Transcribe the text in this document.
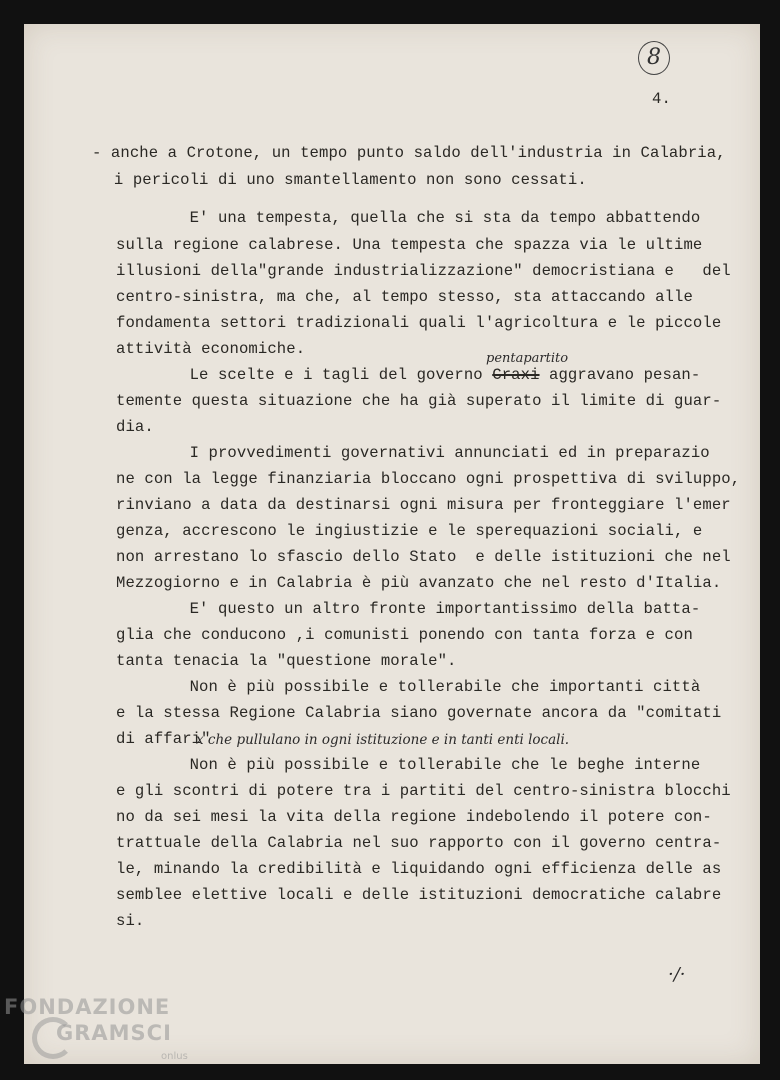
8

4.

- anche a Crotone, un tempo punto saldo dell'industria in Calabria,

i pericoli di uno smantellamento non sono cessati.

E' una tempesta, quella che si sta da tempo abbattendo

sulla regione calabrese. Una tempesta che spazza via le ultime

illusioni della"grande industrializzazione" democristiana e   del

centro-sinistra, ma che, al tempo stesso, sta attaccando alle

fondamenta settori tradizionali quali l'agricoltura e le piccole

attività economiche.

tementе questa situazione che ha già superato il limite di guar-

dia.

I provvedimenti governativi annunciati ed in preparazio

ne con la legge finanziaria bloccano ogni prospettiva di sviluppo,

rinviano a data da destinarsi ogni misura per fronteggiare l'emer

genza, accrescono le ingiustizie e le sperequazioni sociali, e

non arrestano lo sfascio dello Stato  e delle istituzioni che nel

Mezzogiorno e in Calabria è più avanzato che nel resto d'Italia.

E' questo un altro fronte importantissimo della batta-

glia che conducono ,i comunisti ponendo con tanta forza e con

tanta tenacia la "questione morale".

Non è più possibile e tollerabile che importanti città

e la stessa Regione Calabria siano governate ancora da "comitati

di affari"

Non è più possibile e tollerabile che le beghe interne

e gli scontri di potere tra i partiti del centro-sinistra blocchi

no da sei mesi la vita della regione indebolendo il potere con-

trattuale della Calabria nel suo rapporto con il governo centra-

le, minando la credibilità e liquidando ogni efficienza delle as

semblee elettive locali e delle istituzioni democratiche calabre

si.

Le scelte e i tagli del governo Craxi aggravano pesan-

pentapartito
x che pullulano in ogni istituzione e in tanti enti locali.
·/·
FONDAZIONE
GRAMSCI
onlus
